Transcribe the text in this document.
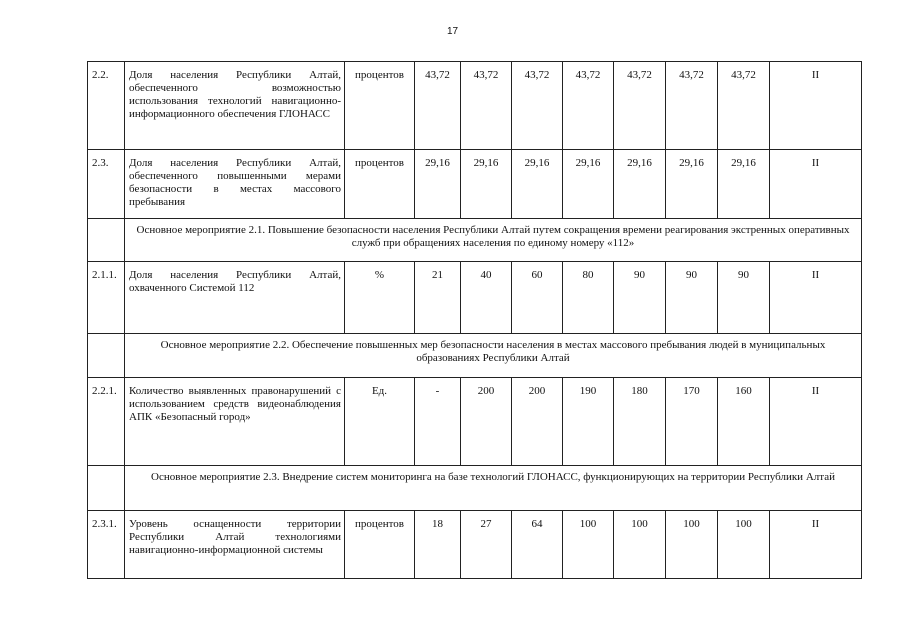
17
2.2.	Доля населения Республики Алтай, обеспеченного возможностью использования технологий навигационно-информационного обеспечения ГЛОНАСС	процентов	43,72	43,72	43,72	43,72	43,72	43,72	43,72	II
2.3.	Доля населения Республики Алтай, обеспеченного повышенными мерами безопасности в местах массового пребывания	процентов	29,16	29,16	29,16	29,16	29,16	29,16	29,16	II
	Основное мероприятие 2.1. Повышение безопасности населения Республики Алтай путем сокращения времени реагирования экстренных оперативных служб при обращениях населения по единому номеру «112»									
2.1.1.	Доля населения Республики Алтай, охваченного Системой 112	%	21	40	60	80	90	90	90	II
	Основное мероприятие 2.2. Обеспечение повышенных мер безопасности населения в местах массового пребывания людей в муниципальных образованиях Республики Алтай									
2.2.1.	Количество выявленных правонарушений с использованием средств видеонаблюдения АПК «Безопасный город»	Ед.	-	200	200	190	180	170	160	II
	Основное мероприятие 2.3. Внедрение систем мониторинга на базе технологий ГЛОНАСС, функционирующих на территории Республики Алтай									
2.3.1.	Уровень оснащенности территории Республики Алтай технологиями навигационно-информационной системы	процентов	18	27	64	100	100	100	100	II
